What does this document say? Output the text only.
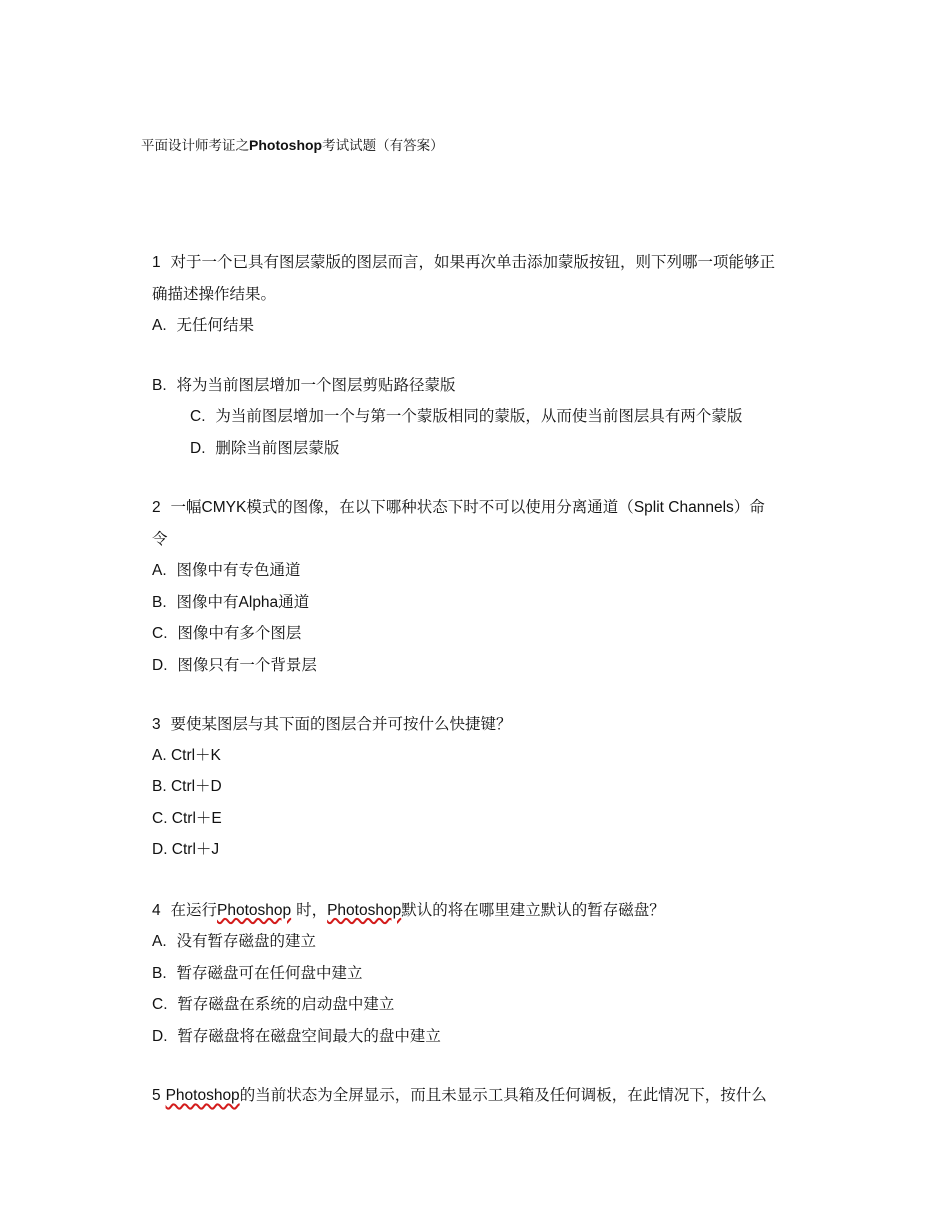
平面设计师考证之Photoshop考试试题（有答案）
1 对于一个已具有图层蒙版的图层而言，如果再次单击添加蒙版按钮，则下列哪一项能够正
确描述操作结果。
A. 无任何结果
B. 将为当前图层增加一个图层剪贴路径蒙版
C. 为当前图层增加一个与第一个蒙版相同的蒙版，从而使当前图层具有两个蒙版
D. 删除当前图层蒙版
2 一幅CMYK模式的图像，在以下哪种状态下时不可以使用分离通道（Split Channels）命
令
A. 图像中有专色通道
B. 图像中有Alpha通道
C. 图像中有多个图层
D. 图像只有一个背景层
3 要使某图层与其下面的图层合并可按什么快捷键？
A. Ctrl＋K
B. Ctrl＋D
C. Ctrl＋E
D. Ctrl＋J
4 在运行Photoshop 时，Photoshop默认的将在哪里建立默认的暂存磁盘？
A. 没有暂存磁盘的建立
B. 暂存磁盘可在任何盘中建立
C. 暂存磁盘在系统的启动盘中建立
D. 暂存磁盘将在磁盘空间最大的盘中建立
5 Photoshop的当前状态为全屏显示，而且未显示工具箱及任何调板，在此情况下，按什么
